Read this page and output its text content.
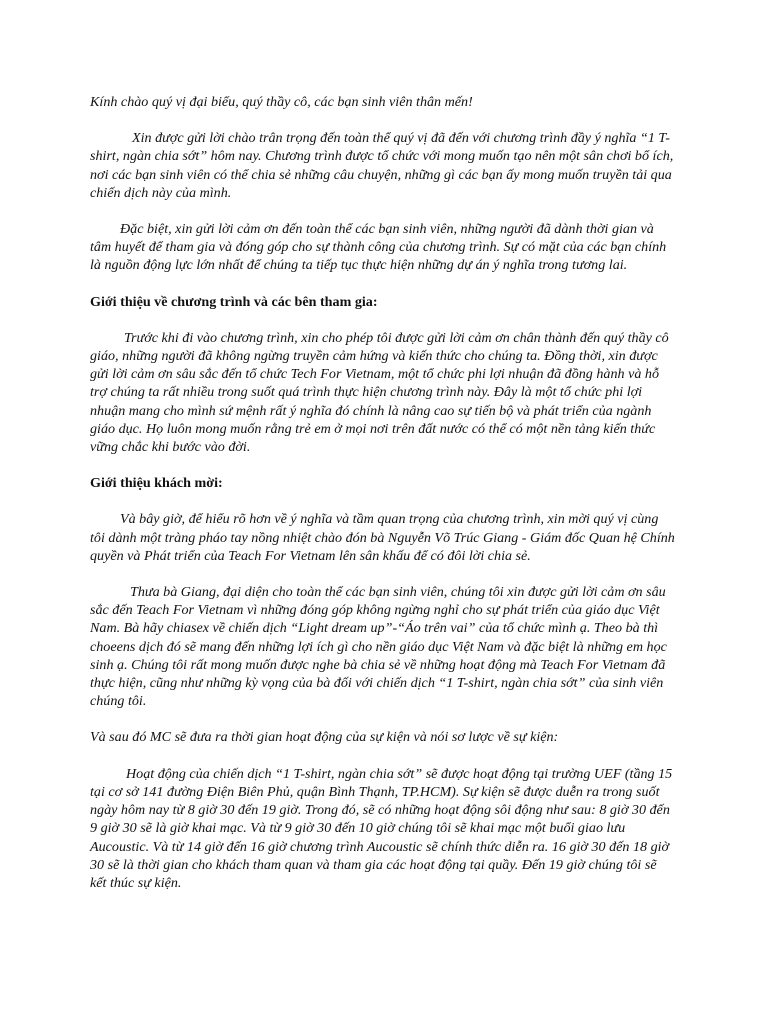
Kính chào quý vị đại biểu, quý thầy cô, các bạn sinh viên thân mến!

Xin được gửi lời chào trân trọng đến toàn thể quý vị đã đến với chương trình đầy ý nghĩa “1 T-shirt, ngàn chia sớt” hôm nay. Chương trình được tổ chức với mong muốn tạo nên một sân chơi bổ ích, nơi các bạn sinh viên có thể chia sẻ những câu chuyện, những gì các bạn ấy mong muốn truyền tải qua chiến dịch này của mình.

Đặc biệt, xin gửi lời cảm ơn đến toàn thể các bạn sinh viên, những người đã dành thời gian và tâm huyết để tham gia và đóng góp cho sự thành công của chương trình. Sự có mặt của các bạn chính là nguồn động lực lớn nhất để chúng ta tiếp tục thực hiện những dự án ý nghĩa trong tương lai.

Giới thiệu về chương trình và các bên tham gia:

Trước khi đi vào chương trình, xin cho phép tôi được gửi lời cảm ơn chân thành đến quý thầy cô giáo, những người đã không ngừng truyền cảm hứng và kiến thức cho chúng ta. Đồng thời, xin được gửi lời cảm ơn sâu sắc đến tổ chức Tech For Vietnam, một tổ chức phi lợi nhuận đã đồng hành và hỗ trợ chúng ta rất nhiều trong suốt quá trình thực hiện chương trình này. Đây là một tổ chức phi lợi nhuận mang cho mình sứ mệnh rất ý nghĩa đó chính là nâng cao sự tiến bộ và phát triển của ngành giáo dục. Họ luôn mong muốn rằng trẻ em ở mọi nơi trên đất nước có thể có một nền tảng kiến thức vững chắc khi bước vào đời.

Giới thiệu khách mời:

Và bây giờ, để hiểu rõ hơn về ý nghĩa và tầm quan trọng của chương trình, xin mời quý vị cùng tôi dành một tràng pháo tay nồng nhiệt chào đón bà Nguyễn Võ Trúc Giang - Giám đốc Quan hệ Chính quyền và Phát triển của Teach For Vietnam lên sân khấu để có đôi lời chia sẻ.

Thưa bà Giang, đại diện cho toàn thể các bạn sinh viên, chúng tôi xin được gửi lời cảm ơn sâu sắc đến Teach For Vietnam vì những đóng góp không ngừng nghỉ cho sự phát triển của giáo dục Việt Nam. Bà hãy chiasex về chiến dịch “Light dream up”-“Áo trên vai” của tổ chức mình ạ. Theo bà thì choeens dịch đó sẽ mang đến những lợi ích gì cho nền giáo dục Việt Nam và đặc biệt là những em học sinh ạ. Chúng tôi rất mong muốn được nghe bà chia sẻ về những hoạt động mà Teach For Vietnam đã thực hiện, cũng như những kỳ vọng của bà đối với chiến dịch “1 T-shirt, ngàn chia sớt” của sinh viên chúng tôi.

Và sau đó MC sẽ đưa ra thời gian hoạt động của sự kiện và nói sơ lược về sự kiện:

Hoạt động của chiến dịch “1 T-shirt, ngàn chia sớt” sẽ được hoạt động tại trường UEF (tầng 15 tại cơ sở 141 đường Điện Biên Phủ, quận Bình Thạnh, TP.HCM). Sự kiện sẽ được duễn ra trong suốt ngày hôm nay từ 8 giờ 30 đến 19 giờ. Trong đó, sẽ có những hoạt động sôi động như sau: 8 giờ 30 đến 9 giờ 30 sẽ là giờ khai mạc. Và từ 9 giờ 30 đến 10 giờ chúng tôi sẽ khai mạc một buổi giao lưu Aucoustic. Và từ 14 giờ đến 16 giờ chương trình Aucoustic sẽ chính thức diễn ra. 16 giờ 30 đến 18 giờ 30 sẽ là thời gian cho khách tham quan và tham gia các hoạt động tại quầy. Đến 19 giờ chúng tôi sẽ kết thúc sự kiện.
